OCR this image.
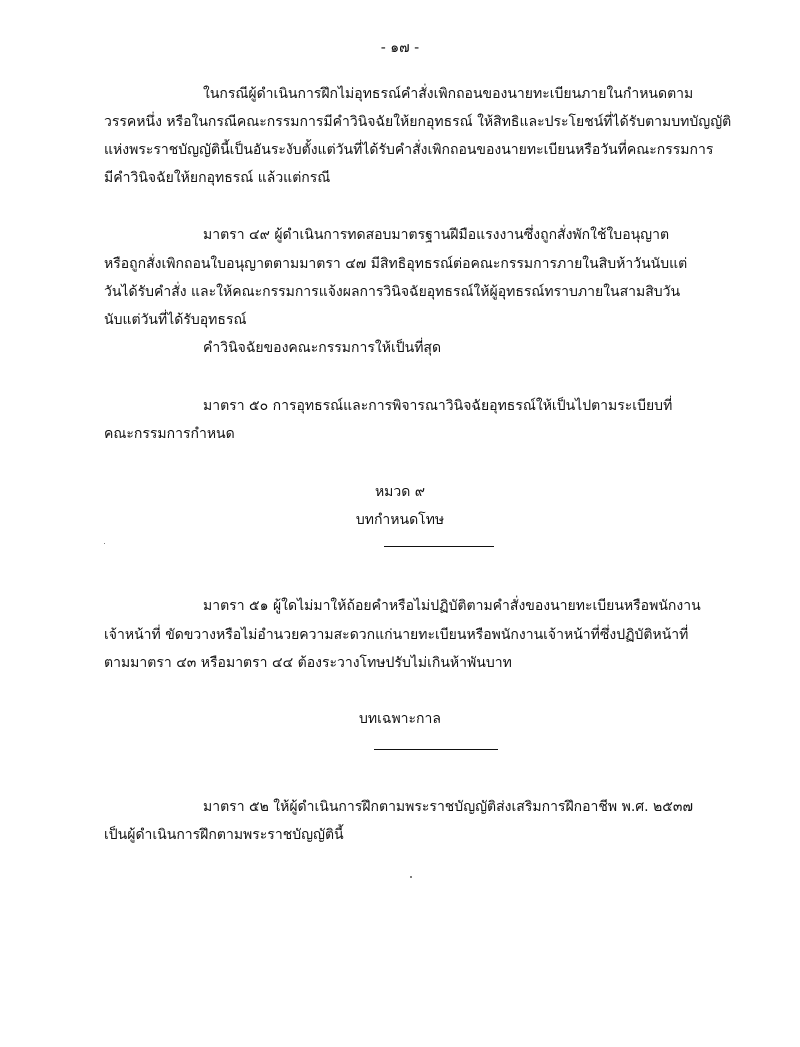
- ๑๗ -
ในกรณีผู้ดำเนินการฝึกไม่อุทธรณ์คำสั่งเพิกถอนของนายทะเบียนภายในกำหนดตาม
วรรคหนึ่ง หรือในกรณีคณะกรรมการมีคำวินิจฉัยให้ยกอุทธรณ์ ให้สิทธิและประโยชน์ที่ได้รับตามบทบัญญัติ
แห่งพระราชบัญญัตินี้เป็นอันระงับตั้งแต่วันที่ได้รับคำสั่งเพิกถอนของนายทะเบียนหรือวันที่คณะกรรมการ
มีคำวินิจฉัยให้ยกอุทธรณ์ แล้วแต่กรณี
มาตรา ๔๙ ผู้ดำเนินการทดสอบมาตรฐานฝีมือแรงงานซึ่งถูกสั่งพักใช้ใบอนุญาต
หรือถูกสั่งเพิกถอนใบอนุญาตตามมาตรา ๔๗ มีสิทธิอุทธรณ์ต่อคณะกรรมการภายในสิบห้าวันนับแต่
วันได้รับคำสั่ง และให้คณะกรรมการแจ้งผลการวินิจฉัยอุทธรณ์ให้ผู้อุทธรณ์ทราบภายในสามสิบวัน
นับแต่วันที่ได้รับอุทธรณ์
คำวินิจฉัยของคณะกรรมการให้เป็นที่สุด
มาตรา ๕๐ การอุทธรณ์และการพิจารณาวินิจฉัยอุทธรณ์ให้เป็นไปตามระเบียบที่
คณะกรรมการกำหนด
หมวด ๙
บทกำหนดโทษ
มาตรา ๕๑ ผู้ใดไม่มาให้ถ้อยคำหรือไม่ปฏิบัติตามคำสั่งของนายทะเบียนหรือพนักงาน
เจ้าหน้าที่ ขัดขวางหรือไม่อำนวยความสะดวกแก่นายทะเบียนหรือพนักงานเจ้าหน้าที่ซึ่งปฏิบัติหน้าที่
ตามมาตรา ๔๓ หรือมาตรา ๔๔ ต้องระวางโทษปรับไม่เกินห้าพันบาท
บทเฉพาะกาล
มาตรา ๕๒ ให้ผู้ดำเนินการฝึกตามพระราชบัญญัติส่งเสริมการฝึกอาชีพ พ.ศ. ๒๕๓๗
เป็นผู้ดำเนินการฝึกตามพระราชบัญญัตินี้
